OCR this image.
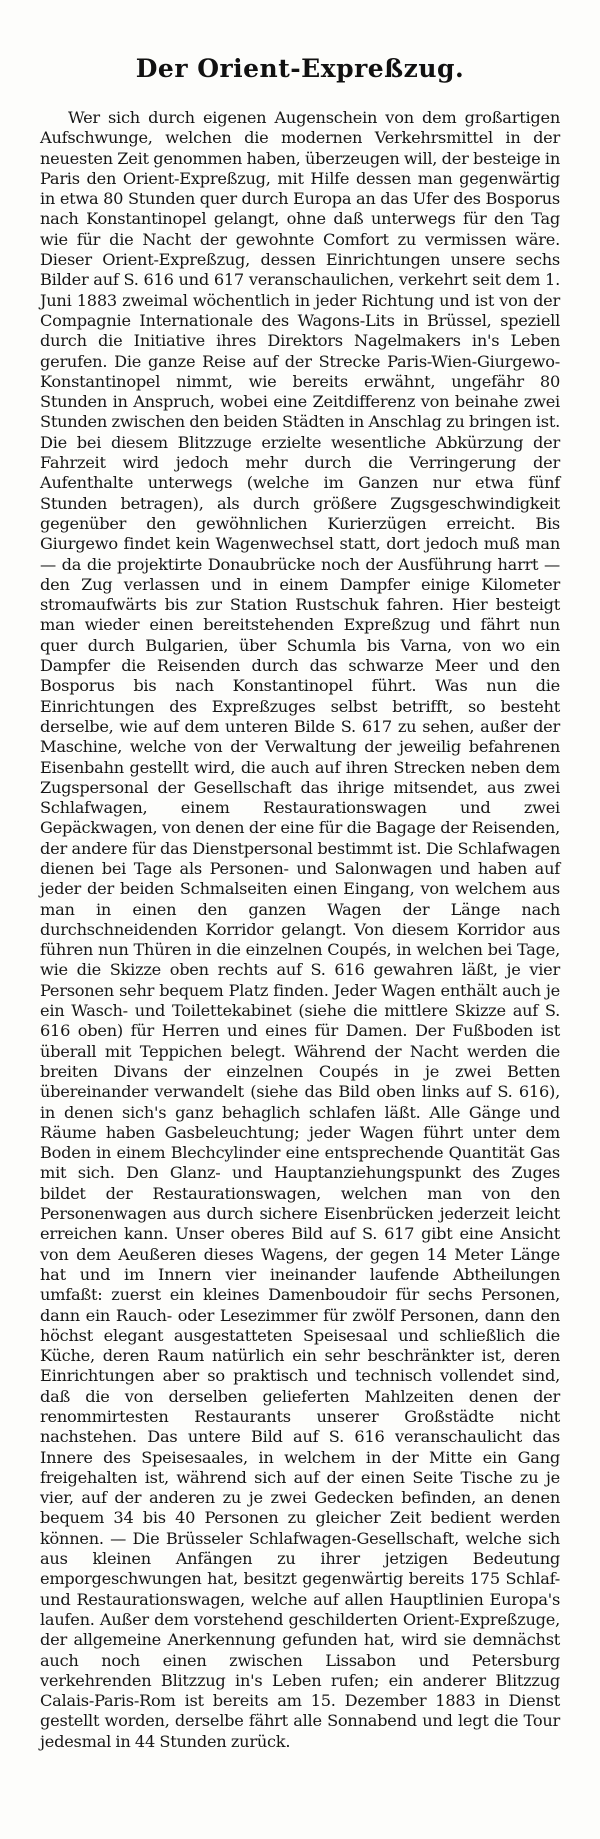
Der Orient-Expreßzug.

Wer sich durch eigenen Augenschein von dem großartigen Aufschwunge, welchen die modernen Verkehrsmittel in der neuesten Zeit genommen haben, überzeugen will, der besteige in Paris den Orient-Expreßzug, mit Hilfe dessen man gegenwärtig in etwa 80 Stunden quer durch Europa an das Ufer des Bosporus nach Konstantinopel gelangt, ohne daß unterwegs für den Tag wie für die Nacht der gewohnte Comfort zu vermissen wäre. Dieser Orient-Expreßzug, dessen Einrichtungen unsere sechs Bilder auf S. 616 und 617 veranschaulichen, verkehrt seit dem 1. Juni 1883 zweimal wöchentlich in jeder Richtung und ist von der Compagnie Internationale des Wagons-Lits in Brüssel, speziell durch die Initiative ihres Direktors Nagelmakers in's Leben gerufen. Die ganze Reise auf der Strecke Paris-Wien-Giurgewo-Konstantinopel nimmt, wie bereits erwähnt, ungefähr 80 Stunden in Anspruch, wobei eine Zeitdifferenz von beinahe zwei Stunden zwischen den beiden Städten in Anschlag zu bringen ist. Die bei diesem Blitzzuge erzielte wesentliche Abkürzung der Fahrzeit wird jedoch mehr durch die Verringerung der Aufenthalte unterwegs (welche im Ganzen nur etwa fünf Stunden betragen), als durch größere Zugsgeschwindigkeit gegenüber den gewöhnlichen Kurierzügen erreicht. Bis Giurgewo findet kein Wagenwechsel statt, dort jedoch muß man — da die projektirte Donaubrücke noch der Ausführung harrt — den Zug verlassen und in einem Dampfer einige Kilometer stromaufwärts bis zur Station Rustschuk fahren. Hier besteigt man wieder einen bereitstehenden Expreßzug und fährt nun quer durch Bulgarien, über Schumla bis Varna, von wo ein Dampfer die Reisenden durch das schwarze Meer und den Bosporus bis nach Konstantinopel führt. Was nun die Einrichtungen des Expreßzuges selbst betrifft, so besteht derselbe, wie auf dem unteren Bilde S. 617 zu sehen, außer der Maschine, welche von der Verwaltung der jeweilig befahrenen Eisenbahn gestellt wird, die auch auf ihren Strecken neben dem Zugspersonal der Gesellschaft das ihrige mitsendet, aus zwei Schlafwagen, einem Restaurationswagen und zwei Gepäckwagen, von denen der eine für die Bagage der Reisenden, der andere für das Dienstpersonal bestimmt ist. Die Schlafwagen dienen bei Tage als Personen- und Salonwagen und haben auf jeder der beiden Schmalseiten einen Eingang, von welchem aus man in einen den ganzen Wagen der Länge nach durchschneidenden Korridor gelangt. Von diesem Korridor aus führen nun Thüren in die einzelnen Coupés, in welchen bei Tage, wie die Skizze oben rechts auf S. 616 gewahren läßt, je vier Personen sehr bequem Platz finden. Jeder Wagen enthält auch je ein Wasch- und Toilettekabinet (siehe die mittlere Skizze auf S. 616 oben) für Herren und eines für Damen. Der Fußboden ist überall mit Teppichen belegt. Während der Nacht werden die breiten Divans der einzelnen Coupés in je zwei Betten übereinander verwandelt (siehe das Bild oben links auf S. 616), in denen sich's ganz behaglich schlafen läßt. Alle Gänge und Räume haben Gasbeleuchtung; jeder Wagen führt unter dem Boden in einem Blechcylinder eine entsprechende Quantität Gas mit sich. Den Glanz- und Hauptanziehungspunkt des Zuges bildet der Restaurationswagen, welchen man von den Personenwagen aus durch sichere Eisenbrücken jederzeit leicht erreichen kann. Unser oberes Bild auf S. 617 gibt eine Ansicht von dem Aeußeren dieses Wagens, der gegen 14 Meter Länge hat und im Innern vier ineinander laufende Abtheilungen umfaßt: zuerst ein kleines Damenboudoir für sechs Personen, dann ein Rauch- oder Lesezimmer für zwölf Personen, dann den höchst elegant ausgestatteten Speisesaal und schließlich die Küche, deren Raum natürlich ein sehr beschränkter ist, deren Einrichtungen aber so praktisch und technisch vollendet sind, daß die von derselben gelieferten Mahlzeiten denen der renommirtesten Restaurants unserer Großstädte nicht nachstehen. Das untere Bild auf S. 616 veranschaulicht das Innere des Speisesaales, in welchem in der Mitte ein Gang freigehalten ist, während sich auf der einen Seite Tische zu je vier, auf der anderen zu je zwei Gedecken befinden, an denen bequem 34 bis 40 Personen zu gleicher Zeit bedient werden können. — Die Brüsseler Schlafwagen-Gesellschaft, welche sich aus kleinen Anfängen zu ihrer jetzigen Bedeutung emporgeschwungen hat, besitzt gegenwärtig bereits 175 Schlaf- und Restaurationswagen, welche auf allen Hauptlinien Europa's laufen. Außer dem vorstehend geschilderten Orient-Expreßzuge, der allgemeine Anerkennung gefunden hat, wird sie demnächst auch noch einen zwischen Lissabon und Petersburg verkehrenden Blitzzug in's Leben rufen; ein anderer Blitzzug Calais-Paris-Rom ist bereits am 15. Dezember 1883 in Dienst gestellt worden, derselbe fährt alle Sonnabend und legt die Tour jedesmal in 44 Stunden zurück.
